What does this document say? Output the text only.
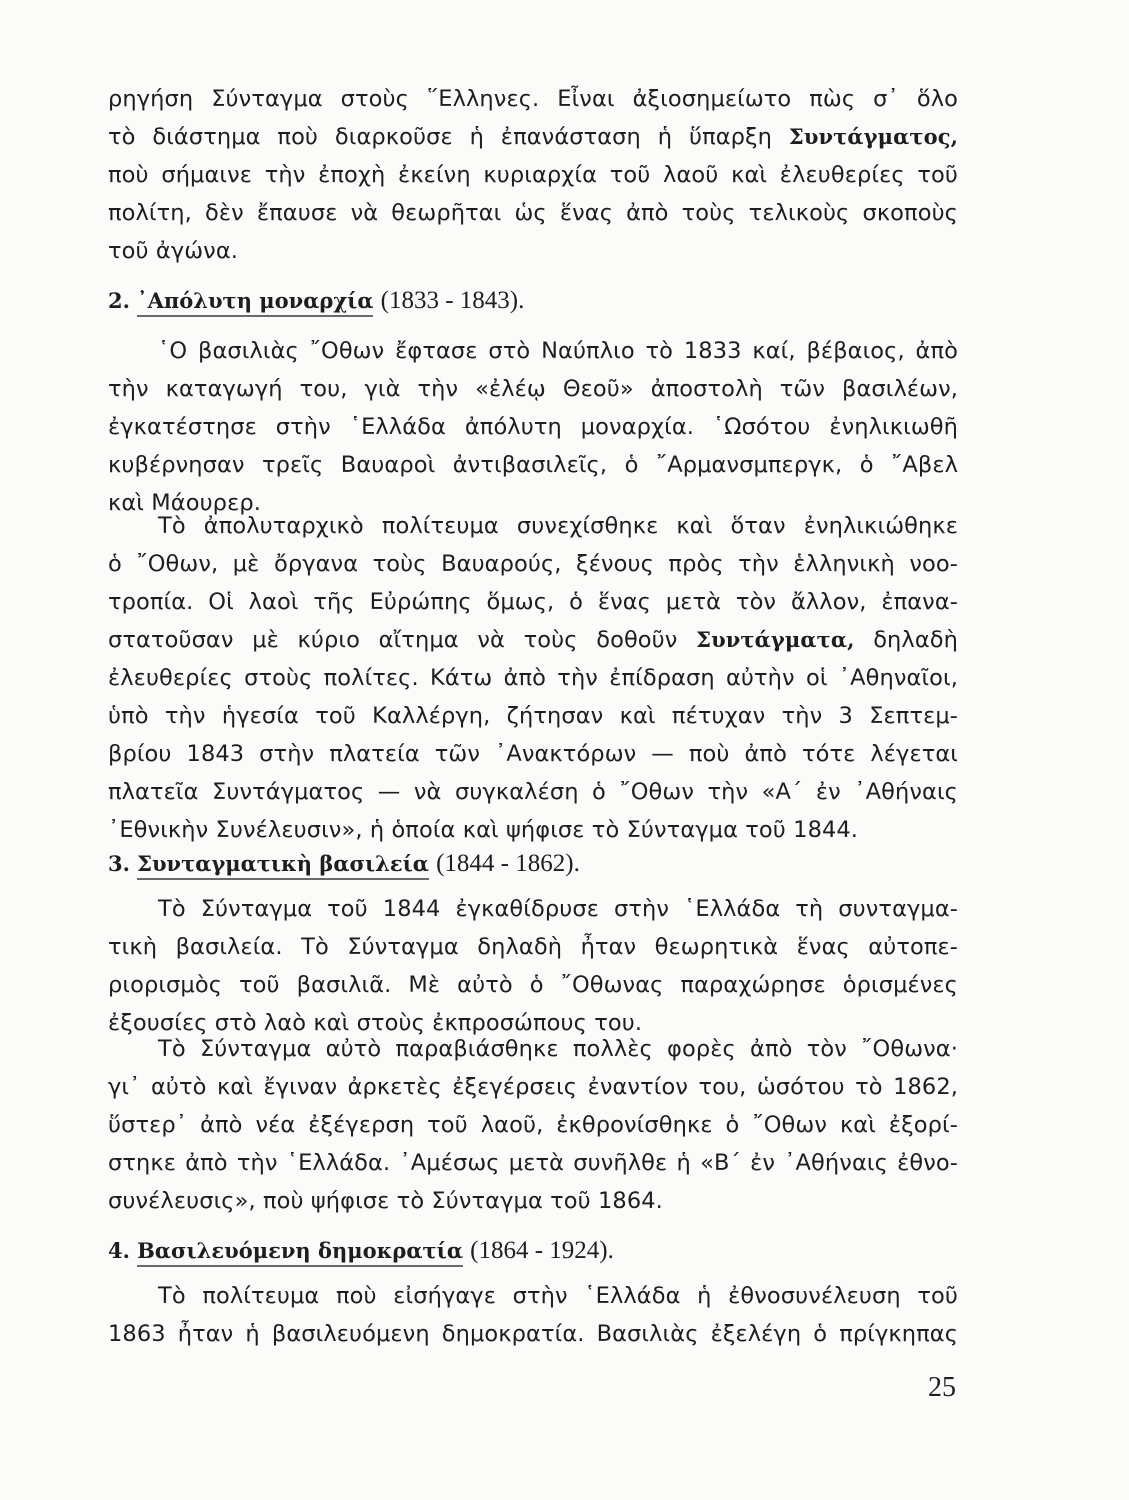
ρηγήση Σύνταγμα στοὺς ῞Ελληνες. Εἶναι ἀξιοσημείωτο πὼς σ᾽ ὅλο
τὸ διάστημα ποὺ διαρκοῦσε ἡ ἐπανάσταση ἡ ὕπαρξη Συντάγματος,
ποὺ σήμαινε τὴν ἐποχὴ ἐκείνη κυριαρχία τοῦ λαοῦ καὶ ἐλευθερίες τοῦ
πολίτη, δὲν ἔπαυσε νὰ θεωρῆται ὡς ἕνας ἀπὸ τοὺς τελικοὺς σκοποὺς
τοῦ ἀγώνα.
2. ᾽Απόλυτη μοναρχία (1833 - 1843).
῾Ο βασιλιὰς ῎Οθων ἔφτασε στὸ Ναύπλιο τὸ 1833 καί, βέβαιος, ἀπὸ
τὴν καταγωγή του, γιὰ τὴν «ἐλέῳ Θεοῦ» ἀποστολὴ τῶν βασιλέων,
ἐγκατέστησε στὴν ῾Ελλάδα ἀπόλυτη μοναρχία. ῾Ωσότου ἐνηλικιωθῆ
κυβέρνησαν τρεῖς Βαυαροὶ ἀντιβασιλεῖς, ὁ ῎Αρμανσμπεργκ, ὁ ῎Αβελ
καὶ Μάουρερ.
Τὸ ἀπολυταρχικὸ πολίτευμα συνεχίσθηκε καὶ ὅταν ἐνηλικιώθηκε
ὁ ῎Οθων, μὲ ὄργανα τοὺς Βαυαρούς, ξένους πρὸς τὴν ἑλληνικὴ νοο-
τροπία. Οἱ λαοὶ τῆς Εὐρώπης ὅμως, ὁ ἕνας μετὰ τὸν ἄλλον, ἐπανα-
στατοῦσαν μὲ κύριο αἴτημα νὰ τοὺς δοθοῦν Συντάγματα, δηλαδὴ
ἐλευθερίες στοὺς πολίτες. Κάτω ἀπὸ τὴν ἐπίδραση αὐτὴν οἱ ᾽Αθηναῖοι,
ὑπὸ τὴν ἡγεσία τοῦ Καλλέργη, ζήτησαν καὶ πέτυχαν τὴν 3 Σεπτεμ-
βρίου 1843 στὴν πλατεία τῶν ᾽Ανακτόρων — ποὺ ἀπὸ τότε λέγεται
πλατεῖα Συντάγματος — νὰ συγκαλέση ὁ ῎Οθων τὴν «Α´ ἐν ᾽Αθήναις
᾽Εθνικὴν Συνέλευσιν», ἡ ὁποία καὶ ψήφισε τὸ Σύνταγμα τοῦ 1844.
3. Συνταγματικὴ βασιλεία (1844 - 1862).
Τὸ Σύνταγμα τοῦ 1844 ἐγκαθίδρυσε στὴν ῾Ελλάδα τὴ συνταγμα-
τικὴ βασιλεία. Τὸ Σύνταγμα δηλαδὴ ἦταν θεωρητικὰ ἕνας αὐτοπε-
ριορισμὸς τοῦ βασιλιᾶ. Μὲ αὐτὸ ὁ ῎Οθωνας παραχώρησε ὁρισμένες
ἐξουσίες στὸ λαὸ καὶ στοὺς ἐκπροσώπους του.
Τὸ Σύνταγμα αὐτὸ παραβιάσθηκε πολλὲς φορὲς ἀπὸ τὸν ῎Οθωνα·
γι᾽ αὐτὸ καὶ ἔγιναν ἀρκετὲς ἐξεγέρσεις ἐναντίον του, ὡσότου τὸ 1862,
ὕστερ᾽ ἀπὸ νέα ἐξέγερση τοῦ λαοῦ, ἐκθρονίσθηκε ὁ ῎Οθων καὶ ἐξορί-
στηκε ἀπὸ τὴν ῾Ελλάδα. ᾽Αμέσως μετὰ συνῆλθε ἡ «Β´ ἐν ᾽Αθήναις ἐθνο-
συνέλευσις», ποὺ ψήφισε τὸ Σύνταγμα τοῦ 1864.
4. Βασιλευόμενη δημοκρατία (1864 - 1924).
Τὸ πολίτευμα ποὺ εἰσήγαγε στὴν ῾Ελλάδα ἡ ἐθνοσυνέλευση τοῦ
1863 ἦταν ἡ βασιλευόμενη δημοκρατία. Βασιλιὰς ἐξελέγη ὁ πρίγκηπας
25
